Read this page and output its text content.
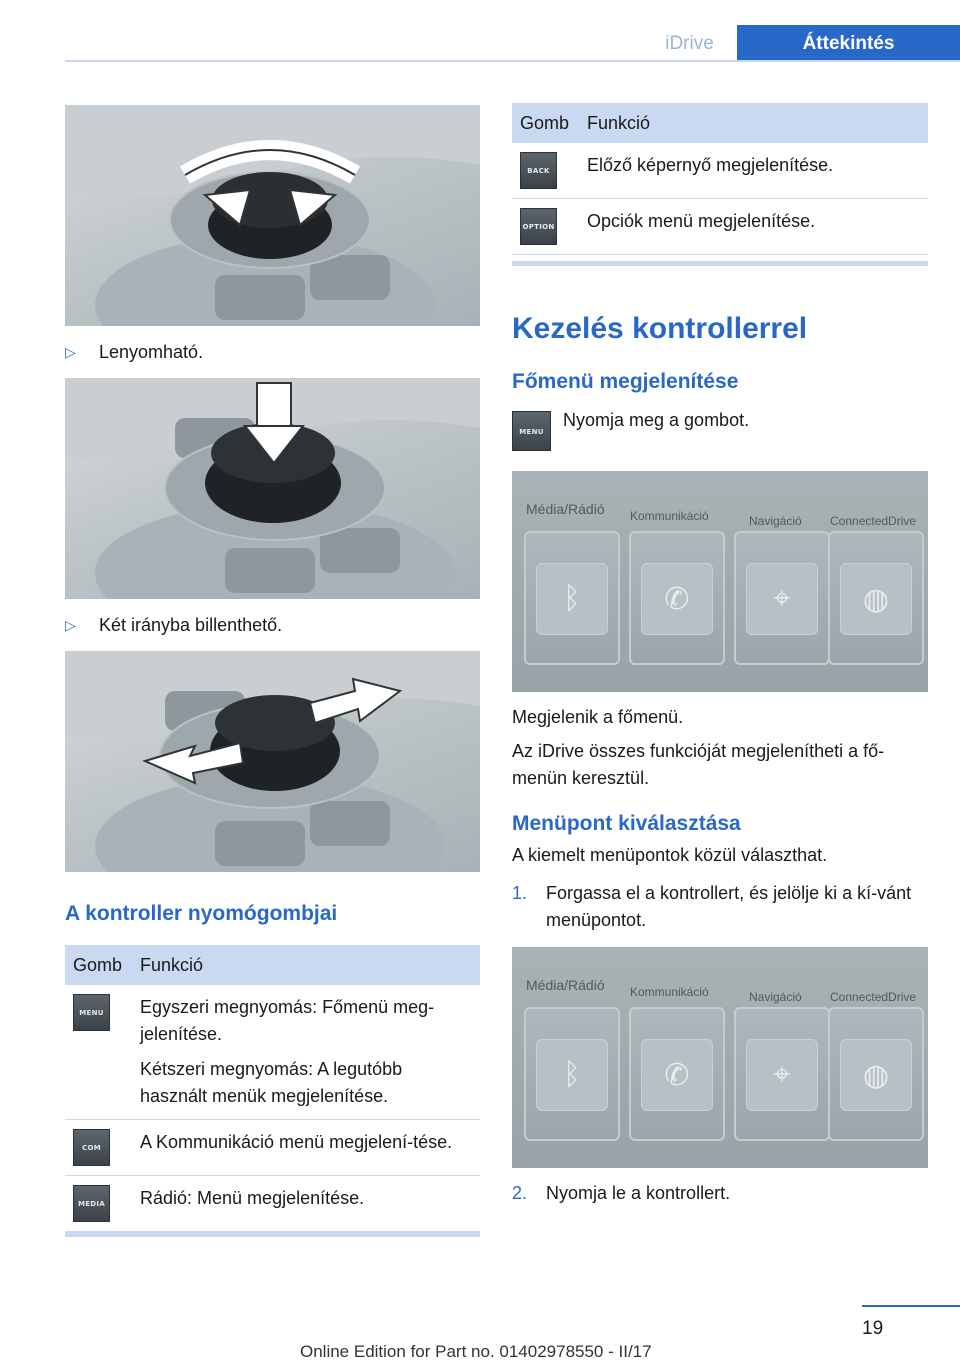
iDrive	Áttekintés
▷ Lenyomható.
▷ Két irányba billenthető.
A kontroller nyomógombjai
Gomb	Funkció

MENU	Egyszeri megnyomás: Főmenü meg-jelenítése.

Kétszeri megnyomás: A legutóbb használt menük megjelenítése.

COM	A Kommunikáció menü megjelení-tése.

MEDIA	Rádió: Menü megjelenítése.

Gomb	Funkció

BACK	Előző képernyő megjelenítése.

OPTION	Opciók menü megjelenítése.

Kezelés kontrollerrel
Főmenü megjelenítése
MENU
Nyomja meg a gombot.
Média/Rádió Kommunikáció	Navigáció ConnectedDrive
ᛒ	✆	⌖	◍
Megjelenik a főmenü.
Az iDrive összes funkcióját megjelenítheti a fő-menün keresztül.
Menüpont kiválasztása
A kiemelt menüpontok közül választhat.
1. Forgassa el a kontrollert, és jelölje ki a kí-vánt menüpontot.
Média/Rádió Kommunikáció	Navigáció ConnectedDrive
ᛒ	✆	⌖	◍
2. Nyomja le a kontrollert.
19
Online Edition for Part no. 01402978550 - II/17
